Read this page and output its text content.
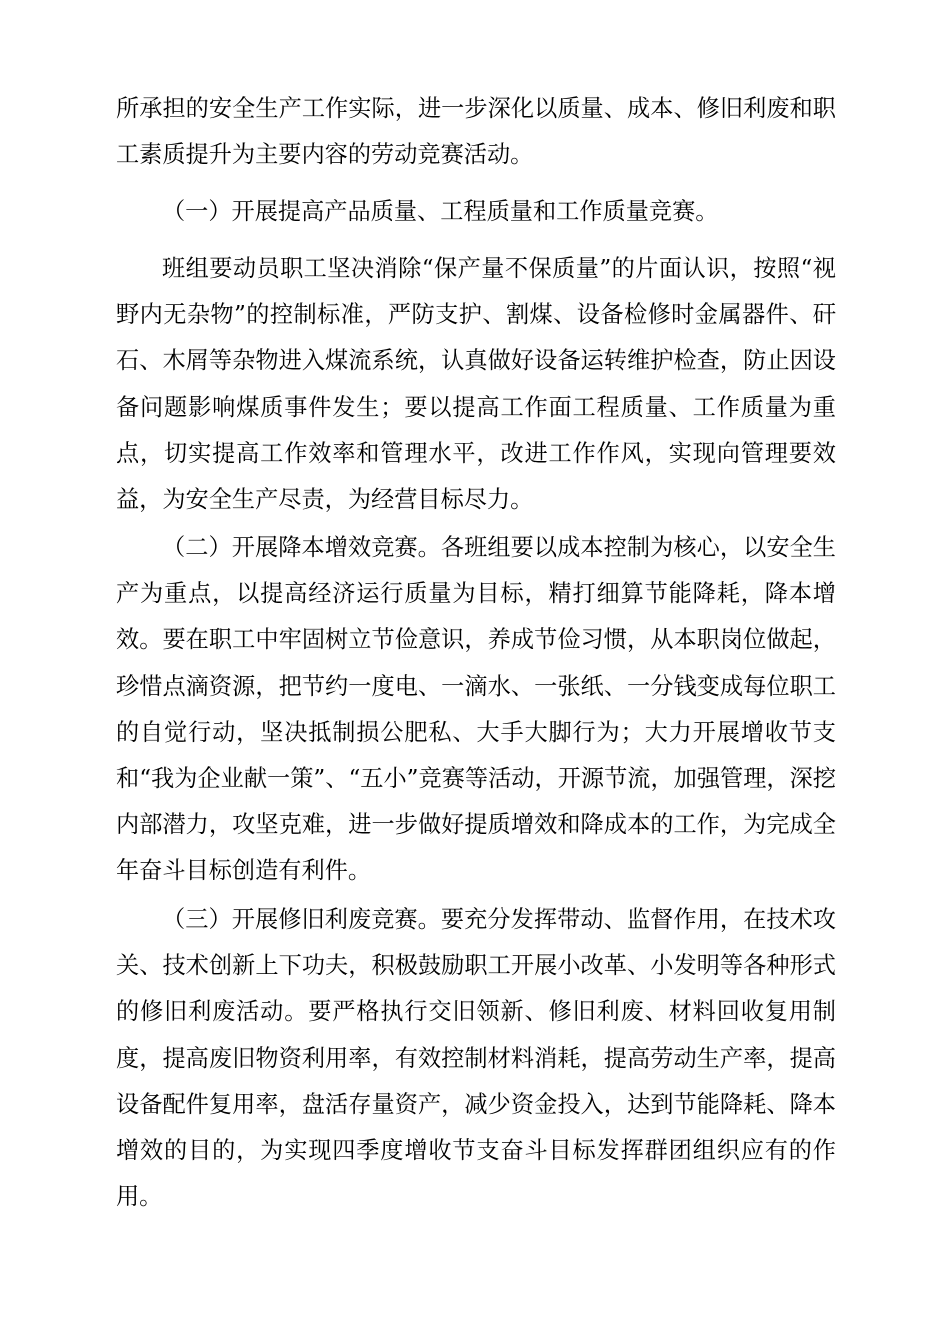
所承担的安全生产工作实际，进一步深化以质量、成本、修旧利废和职工素质提升为主要内容的劳动竞赛活动。

（一）开展提高产品质量、工程质量和工作质量竞赛。

班组要动员职工坚决消除“保产量不保质量”的片面认识，按照“视野内无杂物”的控制标准，严防支护、割煤、设备检修时金属器件、矸石、木屑等杂物进入煤流系统，认真做好设备运转维护检查，防止因设备问题影响煤质事件发生；要以提高工作面工程质量、工作质量为重点，切实提高工作效率和管理水平，改进工作作风，实现向管理要效益，为安全生产尽责，为经营目标尽力。

（二）开展降本增效竞赛。各班组要以成本控制为核心，以安全生产为重点，以提高经济运行质量为目标，精打细算节能降耗，降本增效。要在职工中牢固树立节俭意识，养成节俭习惯，从本职岗位做起，珍惜点滴资源，把节约一度电、一滴水、一张纸、一分钱变成每位职工的自觉行动，坚决抵制损公肥私、大手大脚行为；大力开展增收节支和“我为企业献一策”、“五小”竞赛等活动，开源节流，加强管理，深挖内部潜力，攻坚克难，进一步做好提质增效和降成本的工作，为完成全年奋斗目标创造有利件。

（三）开展修旧利废竞赛。要充分发挥带动、监督作用，在技术攻关、技术创新上下功夫，积极鼓励职工开展小改革、小发明等各种形式的修旧利废活动。要严格执行交旧领新、修旧利废、材料回收复用制度，提高废旧物资利用率，有效控制材料消耗，提高劳动生产率，提高设备配件复用率，盘活存量资产，减少资金投入，达到节能降耗、降本增效的目的，为实现四季度增收节支奋斗目标发挥群团组织应有的作用。
